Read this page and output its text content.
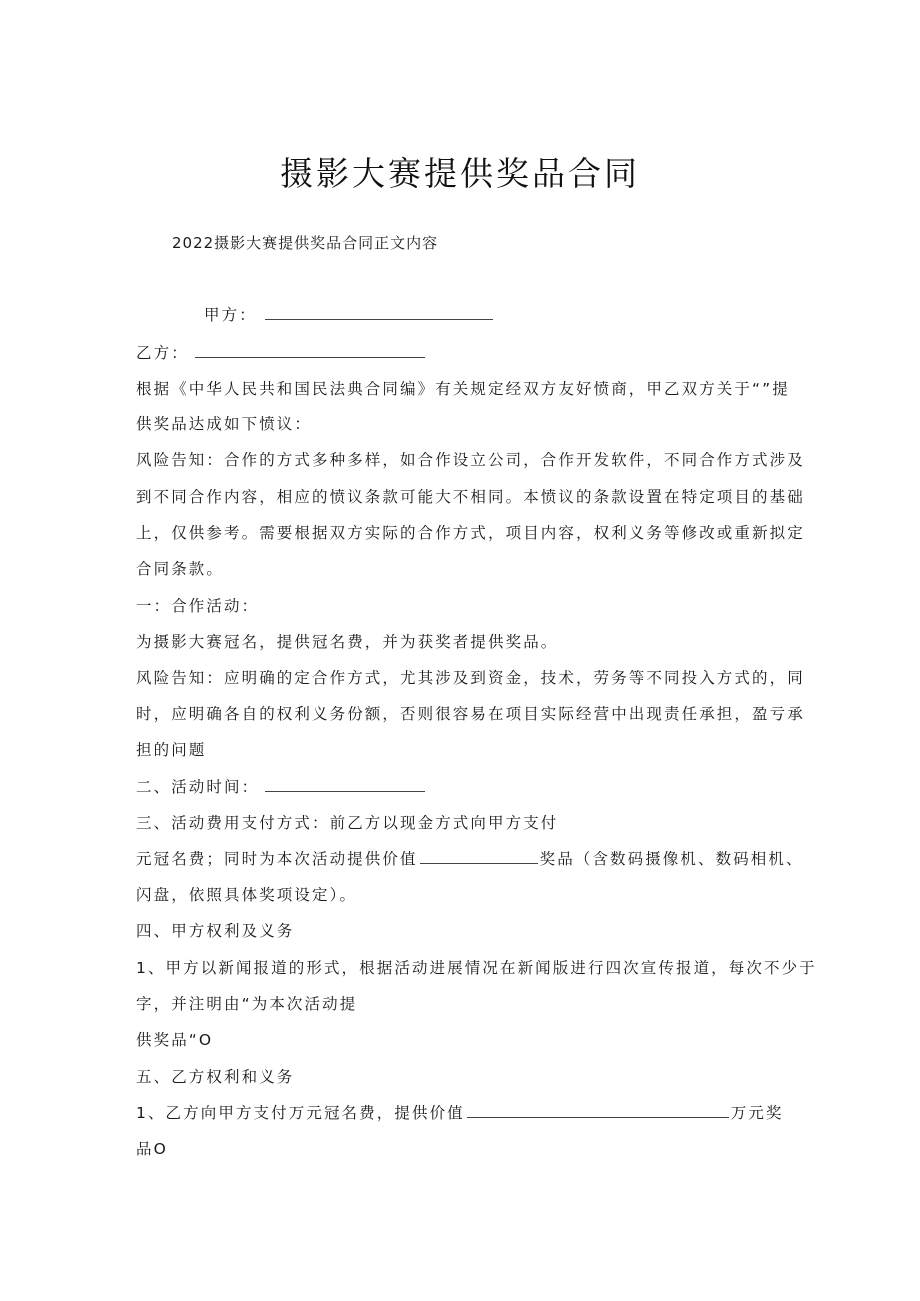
摄影大赛提供奖品合同
2022摄影大赛提供奖品合同正文内容
甲方：
乙方：
根据《中华人民共和国民法典合同编》有关规定经双方友好愤商，甲乙双方关于“”提
供奖品达成如下愤议：
风险告知：合作的方式多种多样，如合作设立公司，合作开发软件，不同合作方式涉及
到不同合作内容，相应的愤议条款可能大不相同。本愤议的条款设置在特定项目的基础
上，仅供参考。需要根据双方实际的合作方式，项目内容，权利义务等修改或重新拟定
合同条款。
一：合作活动：
为摄影大赛冠名，提供冠名费，并为获奖者提供奖品。
风险告知：应明确的定合作方式，尤其涉及到资金，技术，劳务等不同投入方式的，同
时，应明确各自的权利义务份额，否则很容易在项目实际经营中出现责任承担，盈亏承
担的问题
二、活动时间：
三、活动费用支付方式：前乙方以现金方式向甲方支付
元冠名费；同时为本次活动提供价值	奖品（含数码摄像机、数码相机、
闪盘，依照具体奖项设定）。
四、甲方权利及义务
1、甲方以新闻报道的形式，根据活动进展情况在新闻版进行四次宣传报道，每次不少于
字，并注明由“为本次活动提
供奖品“O
五、乙方权利和义务
1、乙方向甲方支付万元冠名费，提供价值	万元奖
品O
